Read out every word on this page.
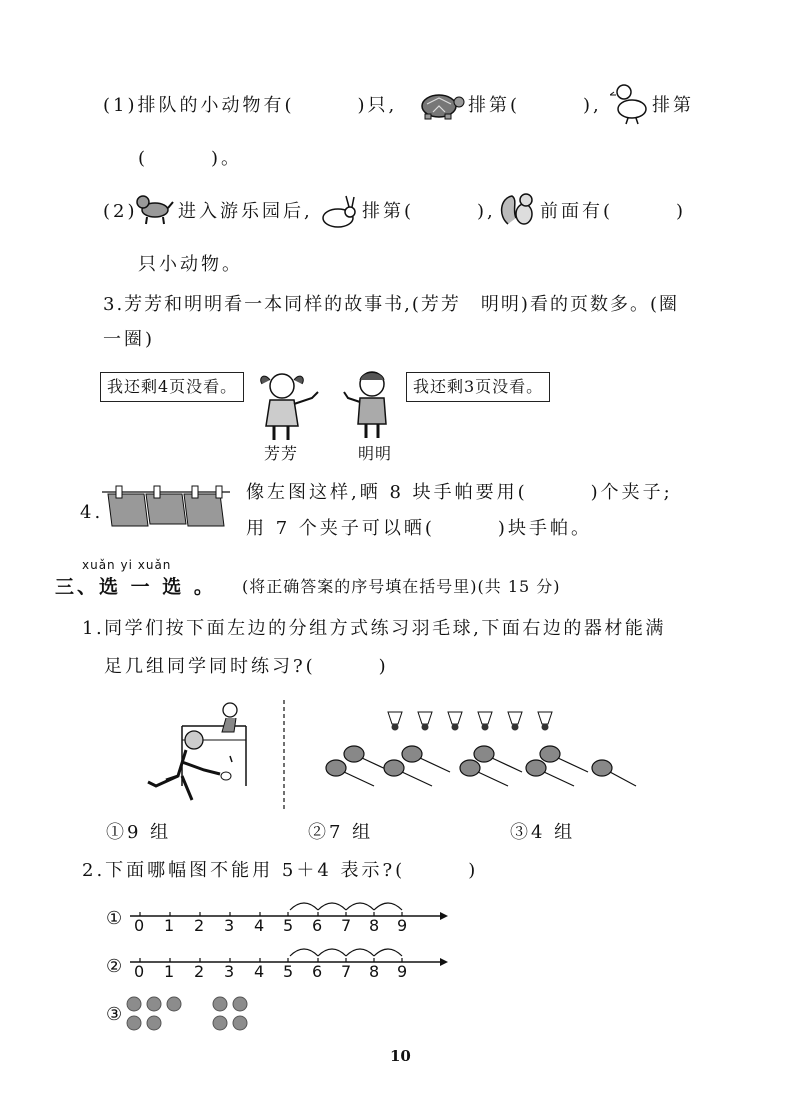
(1)排队的小动物有(　　　)只,	排第(　　　),	排第
(　　　)。
(2) 进入游乐园后,	排第(　　　), 前面有(　　　)
只小动物。
3.芳芳和明明看一本同样的故事书,(芳芳　明明)看的页数多。(圈
一圈)
我还剩4页没看。	我还剩3页没看。
芳芳	明明
4.
像左图这样,晒 8 块手帕要用(　　　)个夹子;
用 7 个夹子可以晒(　　　)块手帕。
xuǎn yi xuǎn
三、选 一 选 。 (将正确答案的序号填在括号里)(共 15 分)
1.同学们按下面左边的分组方式练习羽毛球,下面右边的器材能满
足几组同学同时练习?(　　　)
①9 组	②7 组	③4 组
2.下面哪幅图不能用 5＋4 表示?(　　　)
① 0 1 2 3 4 5 6 7 8 9
② 0 1 2 3 4 5 6 7 8 9
③
10
